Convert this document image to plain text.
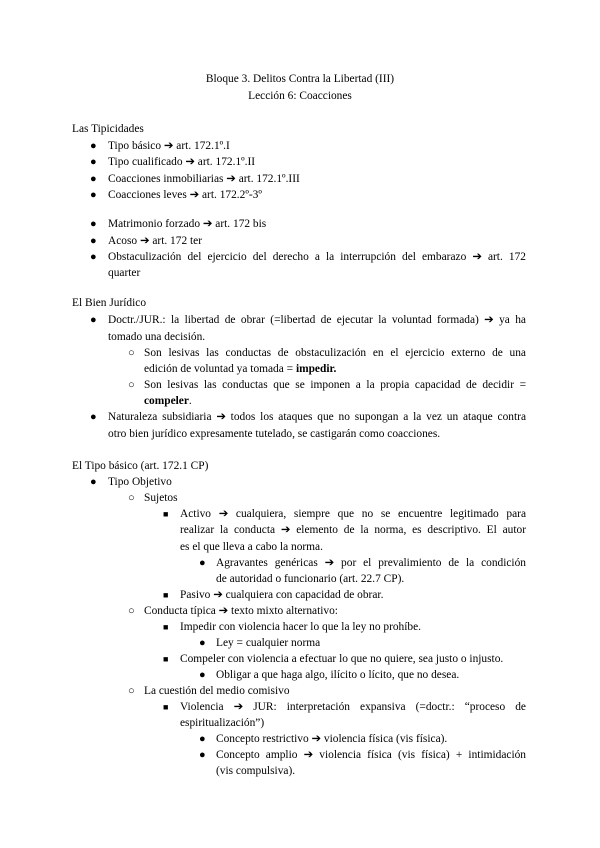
Bloque 3. Delitos Contra la Libertad (III)
Lección 6: Coacciones
Las Tipicidades
● Tipo básico ➔ art. 172.1º.I
● Tipo cualificado ➔ art. 172.1º.II
● Coacciones inmobiliarias ➔ art. 172.1º.III
● Coacciones leves ➔ art. 172.2º-3º
● Matrimonio forzado ➔ art. 172 bis
● Acoso ➔ art. 172 ter
● Obstaculización del ejercicio del derecho a la interrupción del embarazo ➔ art. 172
quarter
El Bien Jurídico
● Doctr./JUR.: la libertad de obrar (=libertad de ejecutar la voluntad formada) ➔ ya ha
tomado una decisión.
○ Son lesivas las conductas de obstaculización en el ejercicio externo de una
edición de voluntad ya tomada = impedir.
○ Son lesivas las conductas que se imponen a la propia capacidad de decidir =
compeler.
● Naturaleza subsidiaria ➔ todos los ataques que no supongan a la vez un ataque contra
otro bien jurídico expresamente tutelado, se castigarán como coacciones.
El Tipo básico (art. 172.1 CP)
● Tipo Objetivo
○ Sujetos
■ Activo ➔ cualquiera, siempre que no se encuentre legitimado para
realizar la conducta ➔ elemento de la norma, es descriptivo. El autor
es el que lleva a cabo la norma.
● Agravantes genéricas ➔ por el prevalimiento de la condición
de autoridad o funcionario (art. 22.7 CP).
■ Pasivo ➔ cualquiera con capacidad de obrar.
○ Conducta típica ➔ texto mixto alternativo:
■ Impedir con violencia hacer lo que la ley no prohíbe.
● Ley = cualquier norma
■ Compeler con violencia a efectuar lo que no quiere, sea justo o injusto.
● Obligar a que haga algo, ilícito o lícito, que no desea.
○ La cuestión del medio comisivo
■ Violencia ➔ JUR: interpretación expansiva (=doctr.: “proceso de
espiritualización”)
● Concepto restrictivo ➔ violencia física (vis física).
● Concepto amplio ➔ violencia física (vis física) + intimidación
(vis compulsiva).
